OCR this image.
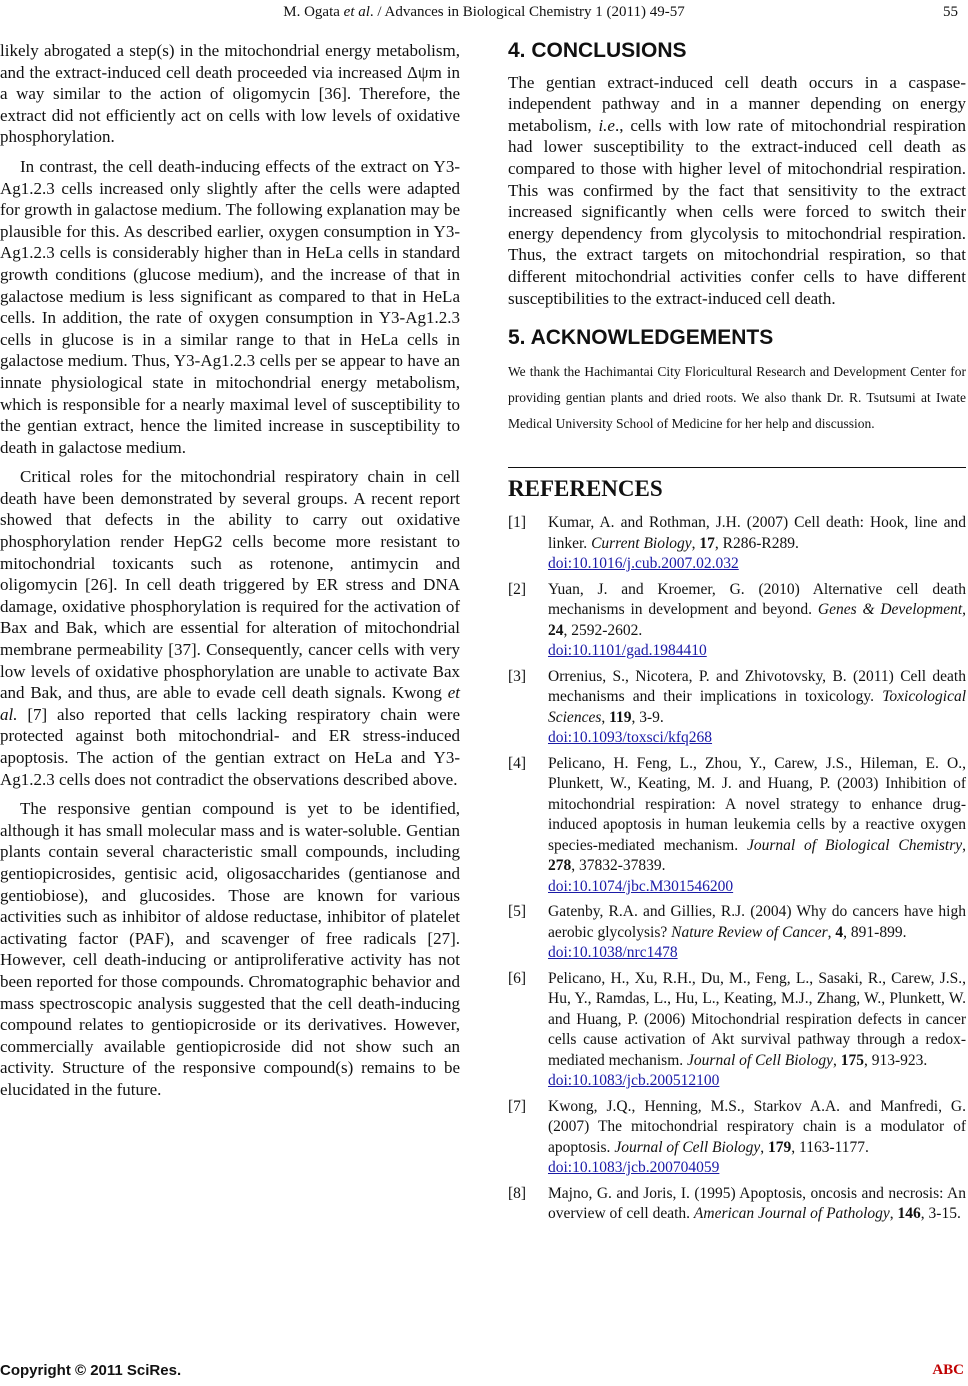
M. Ogata et al. / Advances in Biological Chemistry 1 (2011) 49-57	55

likely abrogated a step(s) in the mitochondrial energy metabolism, and the extract-induced cell death proceeded via increased Δψm in a way similar to the action of oligomycin [36]. Therefore, the extract did not efficiently act on cells with low levels of oxidative phosphorylation.

In contrast, the cell death-inducing effects of the extract on Y3-Ag1.2.3 cells increased only slightly after the cells were adapted for growth in galactose medium. The following explanation may be plausible for this. As described earlier, oxygen consumption in Y3-Ag1.2.3 cells is considerably higher than in HeLa cells in standard growth conditions (glucose medium), and the increase of that in galactose medium is less significant as compared to that in HeLa cells. In addition, the rate of oxygen consumption in Y3-Ag1.2.3 cells in glucose is in a similar range to that in HeLa cells in galactose medium. Thus, Y3-Ag1.2.3 cells per se appear to have an innate physiological state in mitochondrial energy metabolism, which is responsible for a nearly maximal level of susceptibility to the gentian extract, hence the limited increase in susceptibility to death in galactose medium.

Critical roles for the mitochondrial respiratory chain in cell death have been demonstrated by several groups. A recent report showed that defects in the ability to carry out oxidative phosphorylation render HepG2 cells become more resistant to mitochondrial toxicants such as rotenone, antimycin and oligomycin [26]. In cell death triggered by ER stress and DNA damage, oxidative phosphorylation is required for the activation of Bax and Bak, which are essential for alteration of mitochondrial membrane permeability [37]. Consequently, cancer cells with very low levels of oxidative phosphorylation are unable to activate Bax and Bak, and thus, are able to evade cell death signals. Kwong et al. [7] also reported that cells lacking respiratory chain were protected against both mitochondrial- and ER stress-induced apoptosis. The action of the gentian extract on HeLa and Y3-Ag1.2.3 cells does not contradict the observations described above.

The responsive gentian compound is yet to be identified, although it has small molecular mass and is water-soluble. Gentian plants contain several characteristic small compounds, including gentiopicrosides, gentisic acid, oligosaccharides (gentianose and gentiobiose), and glucosides. Those are known for various activities such as inhibitor of aldose reductase, inhibitor of platelet activating factor (PAF), and scavenger of free radicals [27]. However, cell death-inducing or antiproliferative activity has not been reported for those compounds. Chromatographic behavior and mass spectroscopic analysis suggested that the cell death-inducing compound relates to gentiopicroside or its derivatives. However, commercially available gentiopicroside did not show such an activity. Structure of the responsive compound(s) remains to be elucidated in the future.

4. CONCLUSIONS

The gentian extract-induced cell death occurs in a caspase-independent pathway and in a manner depending on energy metabolism, i.e., cells with low rate of mitochondrial respiration had lower susceptibility to the extract-induced cell death as compared to those with higher level of mitochondrial respiration. This was confirmed by the fact that sensitivity to the extract increased significantly when cells were forced to switch their energy dependency from glycolysis to mitochondrial respiration. Thus, the extract targets on mitochondrial respiration, so that different mitochondrial activities confer cells to have different susceptibilities to the extract-induced cell death.

5. ACKNOWLEDGEMENTS

We thank the Hachimantai City Floricultural Research and Development Center for providing gentian plants and dried roots. We also thank Dr. R. Tsutsumi at Iwate Medical University School of Medicine for her help and discussion.

REFERENCES
[1] Kumar, A. and Rothman, J.H. (2007) Cell death: Hook, line and linker. Current Biology, 17, R286-R289.
doi:10.1016/j.cub.2007.02.032
[2] Yuan, J. and Kroemer, G. (2010) Alternative cell death mechanisms in development and beyond. Genes & Development, 24, 2592-2602.
doi:10.1101/gad.1984410
[3] Orrenius, S., Nicotera, P. and Zhivotovsky, B. (2011) Cell death mechanisms and their implications in toxicology. Toxicological Sciences, 119, 3-9.
doi:10.1093/toxsci/kfq268
[4] Pelicano, H. Feng, L., Zhou, Y., Carew, J.S., Hileman, E. O., Plunkett, W., Keating, M. J. and Huang, P. (2003) Inhibition of mitochondrial respiration: A novel strategy to enhance drug-induced apoptosis in human leukemia cells by a reactive oxygen species-mediated mechanism. Journal of Biological Chemistry, 278, 37832-37839.
doi:10.1074/jbc.M301546200
[5] Gatenby, R.A. and Gillies, R.J. (2004) Why do cancers have high aerobic glycolysis? Nature Review of Cancer, 4, 891-899.
doi:10.1038/nrc1478
[6] Pelicano, H., Xu, R.H., Du, M., Feng, L., Sasaki, R., Carew, J.S., Hu, Y., Ramdas, L., Hu, L., Keating, M.J., Zhang, W., Plunkett, W. and Huang, P. (2006) Mitochondrial respiration defects in cancer cells cause activation of Akt survival pathway through a redox-mediated mechanism. Journal of Cell Biology, 175, 913-923.
doi:10.1083/jcb.200512100
[7] Kwong, J.Q., Henning, M.S., Starkov A.A. and Manfredi, G. (2007) The mitochondrial respiratory chain is a modulator of apoptosis. Journal of Cell Biology, 179, 1163-1177.
doi:10.1083/jcb.200704059
[8] Majno, G. and Joris, I. (1995) Apoptosis, oncosis and necrosis: An overview of cell death. American Journal of Pathology, 146, 3-15.
Copyright © 2011 SciRes.	ABC
